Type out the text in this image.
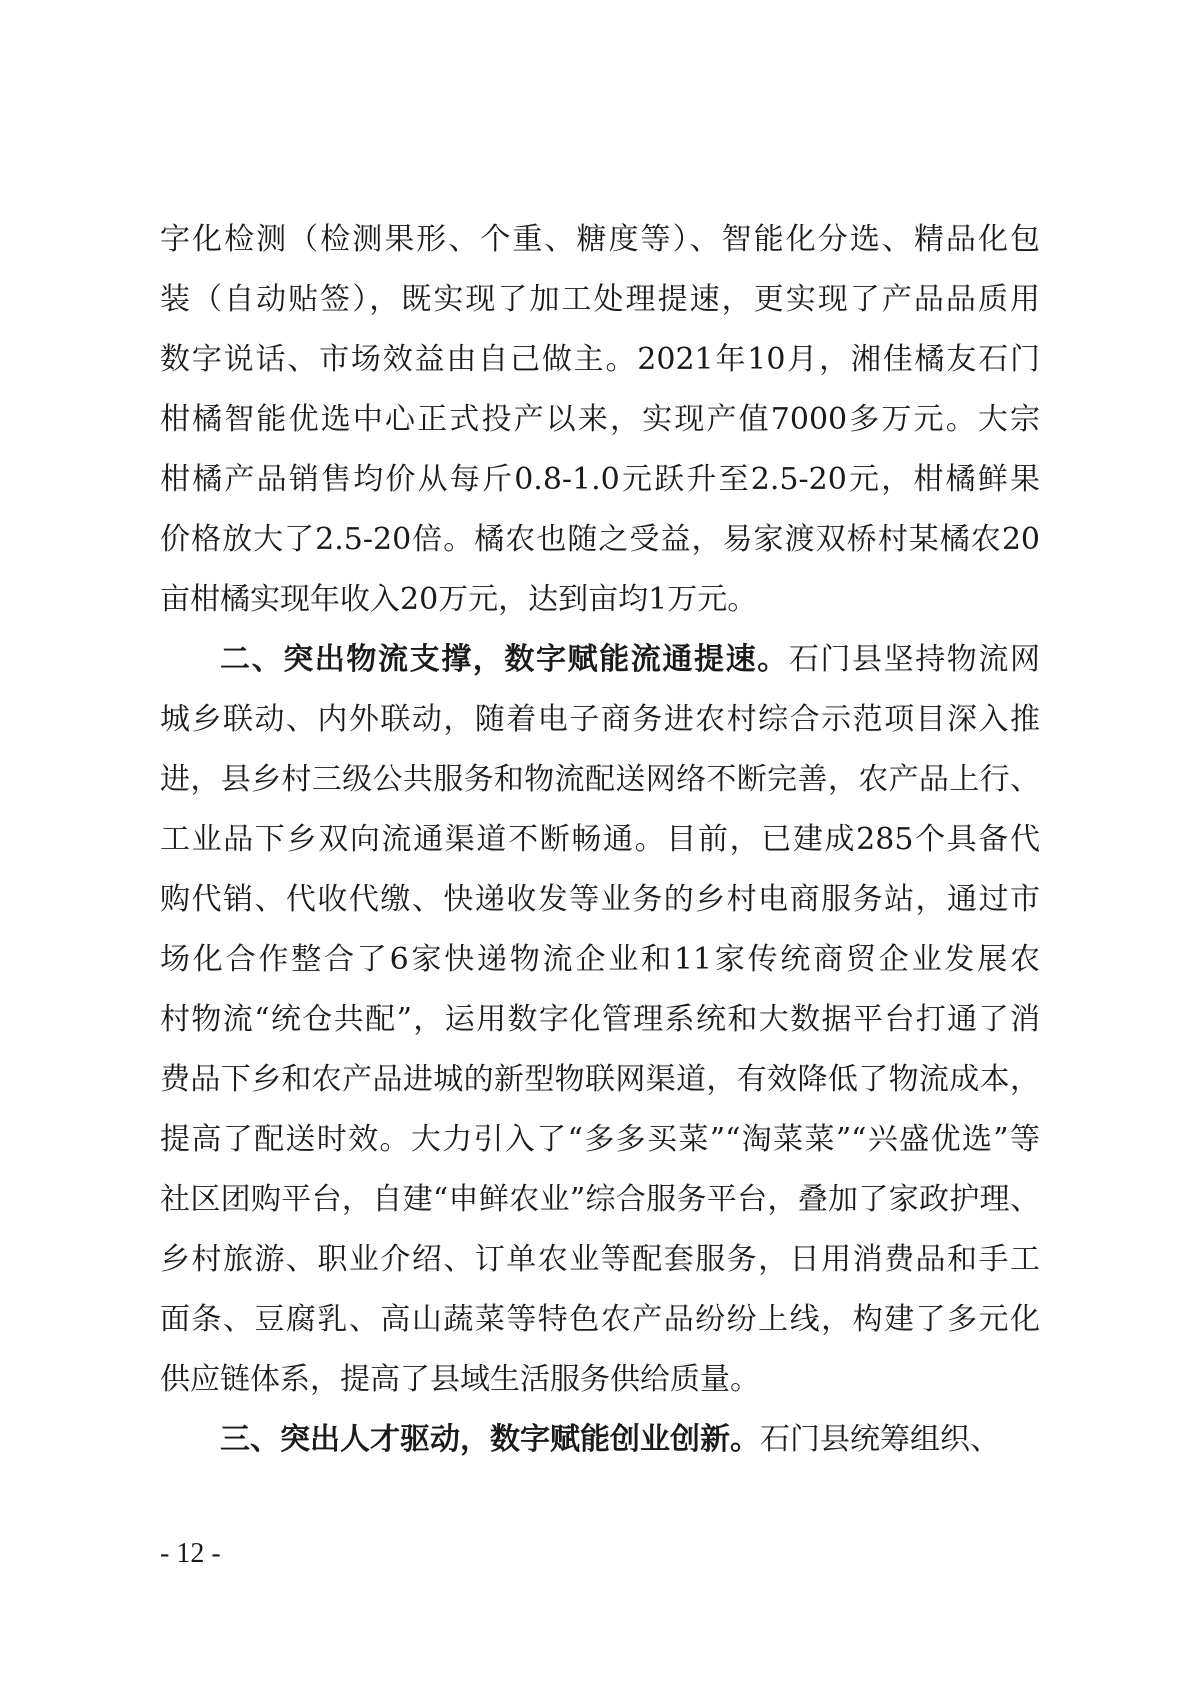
字化检测（检测果形、个重、糖度等）、智能化分选、精品化包
装（自动贴签），既实现了加工处理提速，更实现了产品品质用
数字说话、市场效益由自己做主。2021年10月，湘佳橘友石门
柑橘智能优选中心正式投产以来，实现产值7000多万元。大宗
柑橘产品销售均价从每斤0.8-1.0元跃升至2.5-20元，柑橘鲜果
价格放大了2.5-20倍。橘农也随之受益，易家渡双桥村某橘农20
亩柑橘实现年收入20万元，达到亩均1万元。
二、突出物流支撑，数字赋能流通提速。石门县坚持物流网
城乡联动、内外联动，随着电子商务进农村综合示范项目深入推
进，县乡村三级公共服务和物流配送网络不断完善，农产品上行、
工业品下乡双向流通渠道不断畅通。目前，已建成285个具备代
购代销、代收代缴、快递收发等业务的乡村电商服务站，通过市
场化合作整合了6家快递物流企业和11家传统商贸企业发展农
村物流“统仓共配”，运用数字化管理系统和大数据平台打通了消
费品下乡和农产品进城的新型物联网渠道，有效降低了物流成本，
提高了配送时效。大力引入了“多多买菜”“淘菜菜”“兴盛优选”等
社区团购平台，自建“申鲜农业”综合服务平台，叠加了家政护理、
乡村旅游、职业介绍、订单农业等配套服务，日用消费品和手工
面条、豆腐乳、高山蔬菜等特色农产品纷纷上线，构建了多元化
供应链体系，提高了县域生活服务供给质量。
三、突出人才驱动，数字赋能创业创新。石门县统筹组织、
- 12 -
